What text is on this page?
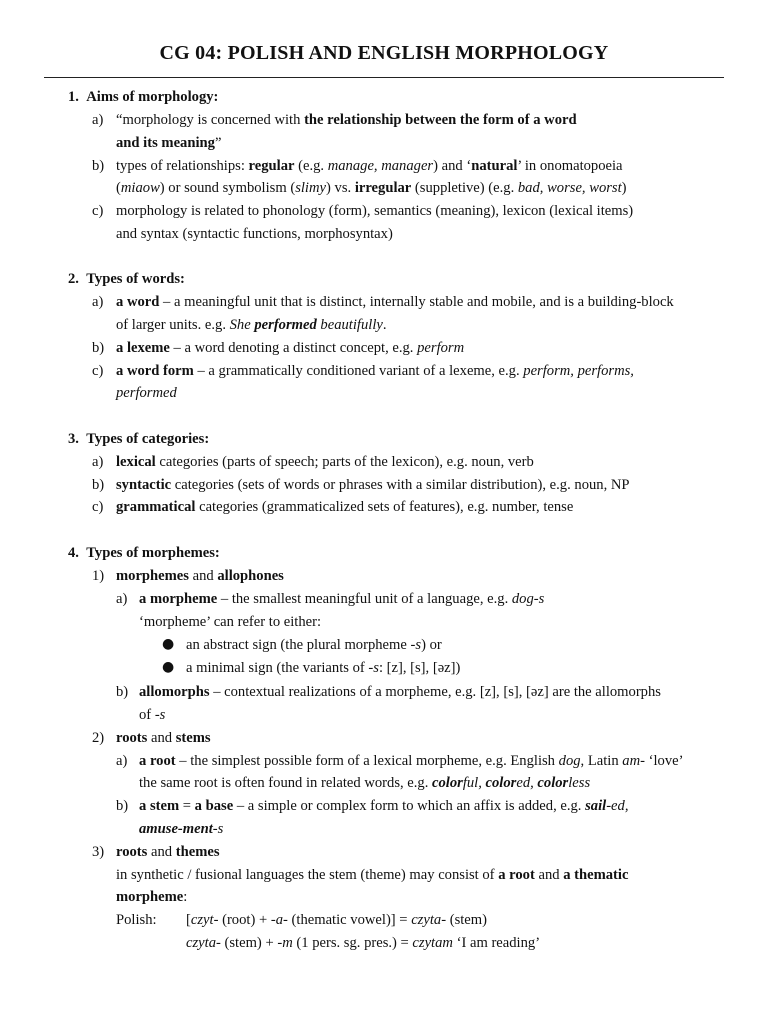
CG 04: POLISH AND ENGLISH MORPHOLOGY
1. Aims of morphology:
a) “morphology is concerned with the relationship between the form of a word
and its meaning”
b) types of relationships: regular (e.g. manage, manager) and ‘natural’ in onomatopoeia
(miaow) or sound symbolism (slimy) vs. irregular (suppletive) (e.g. bad, worse, worst)
c) morphology is related to phonology (form), semantics (meaning), lexicon (lexical items)
and syntax (syntactic functions, morphosyntax)
2. Types of words:
a) a word – a meaningful unit that is distinct, internally stable and mobile, and is a building-block
of larger units. e.g. She performed beautifully.
b) a lexeme – a word denoting a distinct concept, e.g. perform
c) a word form – a grammatically conditioned variant of a lexeme, e.g. perform, performs,
performed
3. Types of categories:
a) lexical categories (parts of speech; parts of the lexicon), e.g. noun, verb
b) syntactic categories (sets of words or phrases with a similar distribution), e.g. noun, NP
c) grammatical categories (grammaticalized sets of features), e.g. number, tense
4. Types of morphemes:
1) morphemes and allophones
a) a morpheme – the smallest meaningful unit of a language, e.g. dog-s
‘morpheme’ can refer to either:
● an abstract sign (the plural morpheme -s) or
● a minimal sign (the variants of -s: [z], [s], [əz])
b) allomorphs – contextual realizations of a morpheme, e.g. [z], [s], [əz] are the allomorphs
of -s
2) roots and stems
a) a root – the simplest possible form of a lexical morpheme, e.g. English dog, Latin am- ‘love’
the same root is often found in related words, e.g. colorful, colored, colorless
b) a stem = a base – a simple or complex form to which an affix is added, e.g. sail-ed,
amuse-ment-s
3) roots and themes
in synthetic / fusional languages the stem (theme) may consist of a root and a thematic
morpheme:
Polish: [czyt- (root) + -a- (thematic vowel)] = czyta- (stem)
czyta- (stem) + -m (1 pers. sg. pres.) = czytam ‘I am reading’
